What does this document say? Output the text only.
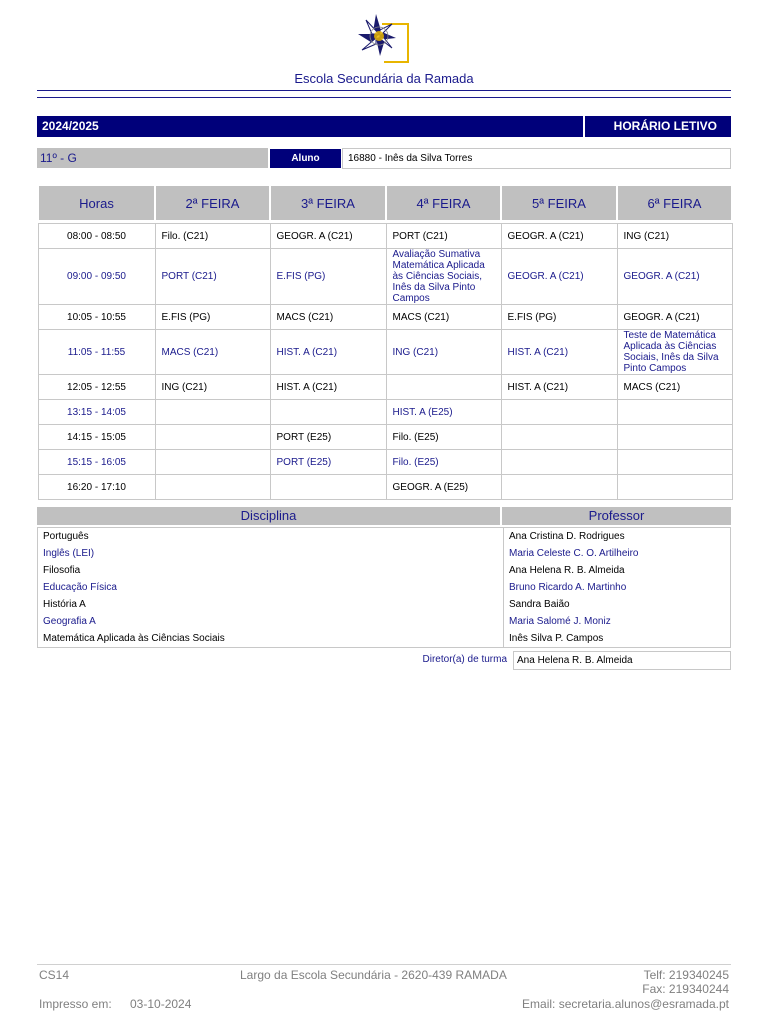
Escola Secundária da Ramada
2024/2025	HORÁRIO LETIVO
11º - G	Aluno	16880 - Inês da Silva Torres
Horas	2ª FEIRA	3ª FEIRA	4ª FEIRA	5ª FEIRA	6ª FEIRA

08:00 - 08:50	Filo. (C21)	GEOGR. A (C21)	PORT (C21)	GEOGR. A (C21)	ING (C21)
09:00 - 09:50	PORT (C21)	E.FIS (PG)	Avaliação Sumativa Matemática Aplicada às Ciências Sociais, Inês da Silva Pinto Campos	GEOGR. A (C21)	GEOGR. A (C21)
10:05 - 10:55	E.FIS (PG)	MACS (C21)	MACS (C21)	E.FIS (PG)	GEOGR. A (C21)
11:05 - 11:55	MACS (C21)	HIST. A (C21)	ING (C21)	HIST. A (C21)	Teste de Matemática Aplicada às Ciências Sociais, Inês da Silva Pinto Campos
12:05 - 12:55	ING (C21)	HIST. A (C21)		HIST. A (C21)	MACS (C21)
13:15 - 14:05			HIST. A (E25)		
14:15 - 15:05		PORT (E25)	Filo. (E25)		
15:15 - 16:05		PORT (E25)	Filo. (E25)		
16:20 - 17:10			GEOGR. A (E25)		
Disciplina	Professor
Português	Ana Cristina D. Rodrigues
Inglês (LEI)	Maria Celeste C. O. Artilheiro
Filosofia	Ana Helena R. B. Almeida
Educação Física	Bruno Ricardo A. Martinho
História A	Sandra Baião
Geografia A	Maria Salomé J. Moniz
Matemática Aplicada às Ciências Sociais	Inês Silva P. Campos
Diretor(a) de turma	Ana Helena R. B. Almeida
CS14	Largo da Escola Secundária - 2620-439 RAMADA	Telf: 219340245
Fax: 219340244
Impresso em: 03-10-2024	Email: secretaria.alunos@esramada.pt
